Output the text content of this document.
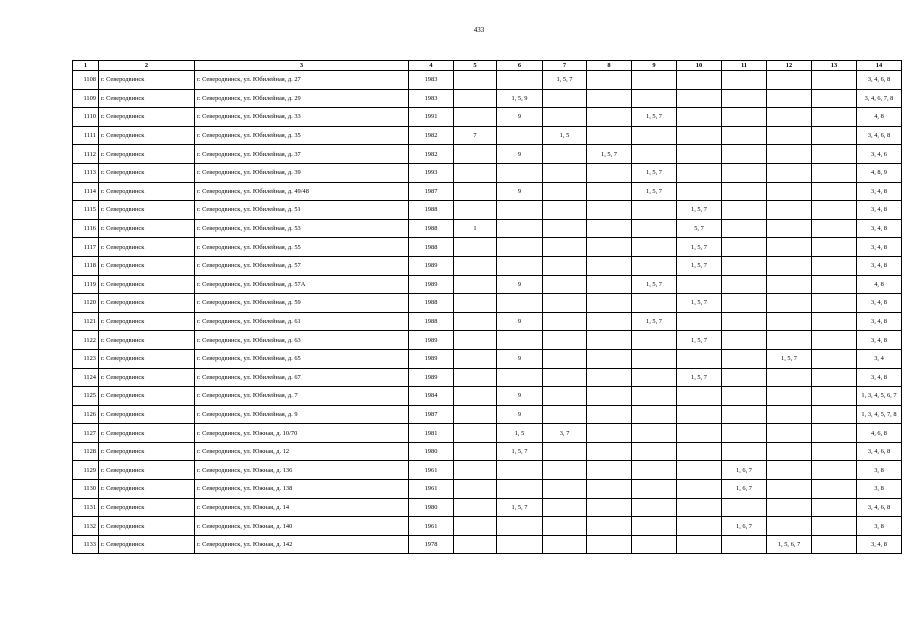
433
1	2	3	4	5	6	7	8	9	10	11	12	13	14
1108	г. Северодвинск	г. Северодвинск, ул. Юбилейная, д. 27	1983			1, 5, 7							3, 4, 6, 8
1109	г. Северодвинск	г. Северодвинск, ул. Юбилейная, д. 29	1983		1, 5, 9								3, 4, 6, 7, 8
1110	г. Северодвинск	г. Северодвинск, ул. Юбилейная, д. 33	1991		9			1, 5, 7					4, 8
1111	г. Северодвинск	г. Северодвинск, ул. Юбилейная, д. 35	1982	7		1, 5							3, 4, 6, 8
1112	г. Северодвинск	г. Северодвинск, ул. Юбилейная, д. 37	1982		9		1, 5, 7						3, 4, 6
1113	г. Северодвинск	г. Северодвинск, ул. Юбилейная, д. 39	1993					1, 5, 7					4, 8, 9
1114	г. Северодвинск	г. Северодвинск, ул. Юбилейная, д. 49/48	1987		9			1, 5, 7					3, 4, 8
1115	г. Северодвинск	г. Северодвинск, ул. Юбилейная, д. 51	1988						1, 5, 7				3, 4, 8
1116	г. Северодвинск	г. Северодвинск, ул. Юбилейная, д. 53	1988	1					5, 7				3, 4, 8
1117	г. Северодвинск	г. Северодвинск, ул. Юбилейная, д. 55	1988						1, 5, 7				3, 4, 8
1118	г. Северодвинск	г. Северодвинск, ул. Юбилейная, д. 57	1989						1, 5, 7				3, 4, 8
1119	г. Северодвинск	г. Северодвинск, ул. Юбилейная, д. 57А	1989		9			1, 5, 7					4, 8
1120	г. Северодвинск	г. Северодвинск, ул. Юбилейная, д. 59	1988						1, 5, 7				3, 4, 8
1121	г. Северодвинск	г. Северодвинск, ул. Юбилейная, д. 61	1988		9			1, 5, 7					3, 4, 8
1122	г. Северодвинск	г. Северодвинск, ул. Юбилейная, д. 63	1989						1, 5, 7				3, 4, 8
1123	г. Северодвинск	г. Северодвинск, ул. Юбилейная, д. 65	1989		9						1, 5, 7		3, 4
1124	г. Северодвинск	г. Северодвинск, ул. Юбилейная, д. 67	1989						1, 5, 7				3, 4, 8
1125	г. Северодвинск	г. Северодвинск, ул. Юбилейная, д. 7	1984		9								1, 3, 4, 5, 6, 7
1126	г. Северодвинск	г. Северодвинск, ул. Юбилейная, д. 9	1987		9								1, 3, 4, 5, 7, 8
1127	г. Северодвинск	г. Северодвинск, ул. Южная, д. 10/70	1981		1, 5	3, 7							4, 6, 8
1128	г. Северодвинск	г. Северодвинск, ул. Южная, д. 12	1980		1, 5, 7								3, 4, 6, 8
1129	г. Северодвинск	г. Северодвинск, ул. Южная, д. 136	1961							1, 6, 7			3, 8
1130	г. Северодвинск	г. Северодвинск, ул. Южная, д. 138	1961							1, 6, 7			3, 8
1131	г. Северодвинск	г. Северодвинск, ул. Южная, д. 14	1980		1, 5, 7								3, 4, 6, 8
1132	г. Северодвинск	г. Северодвинск, ул. Южная, д. 140	1961							1, 6, 7			3, 8
1133	г. Северодвинск	г. Северодвинск, ул. Южная, д. 142	1978								1, 5, 6, 7		3, 4, 8
